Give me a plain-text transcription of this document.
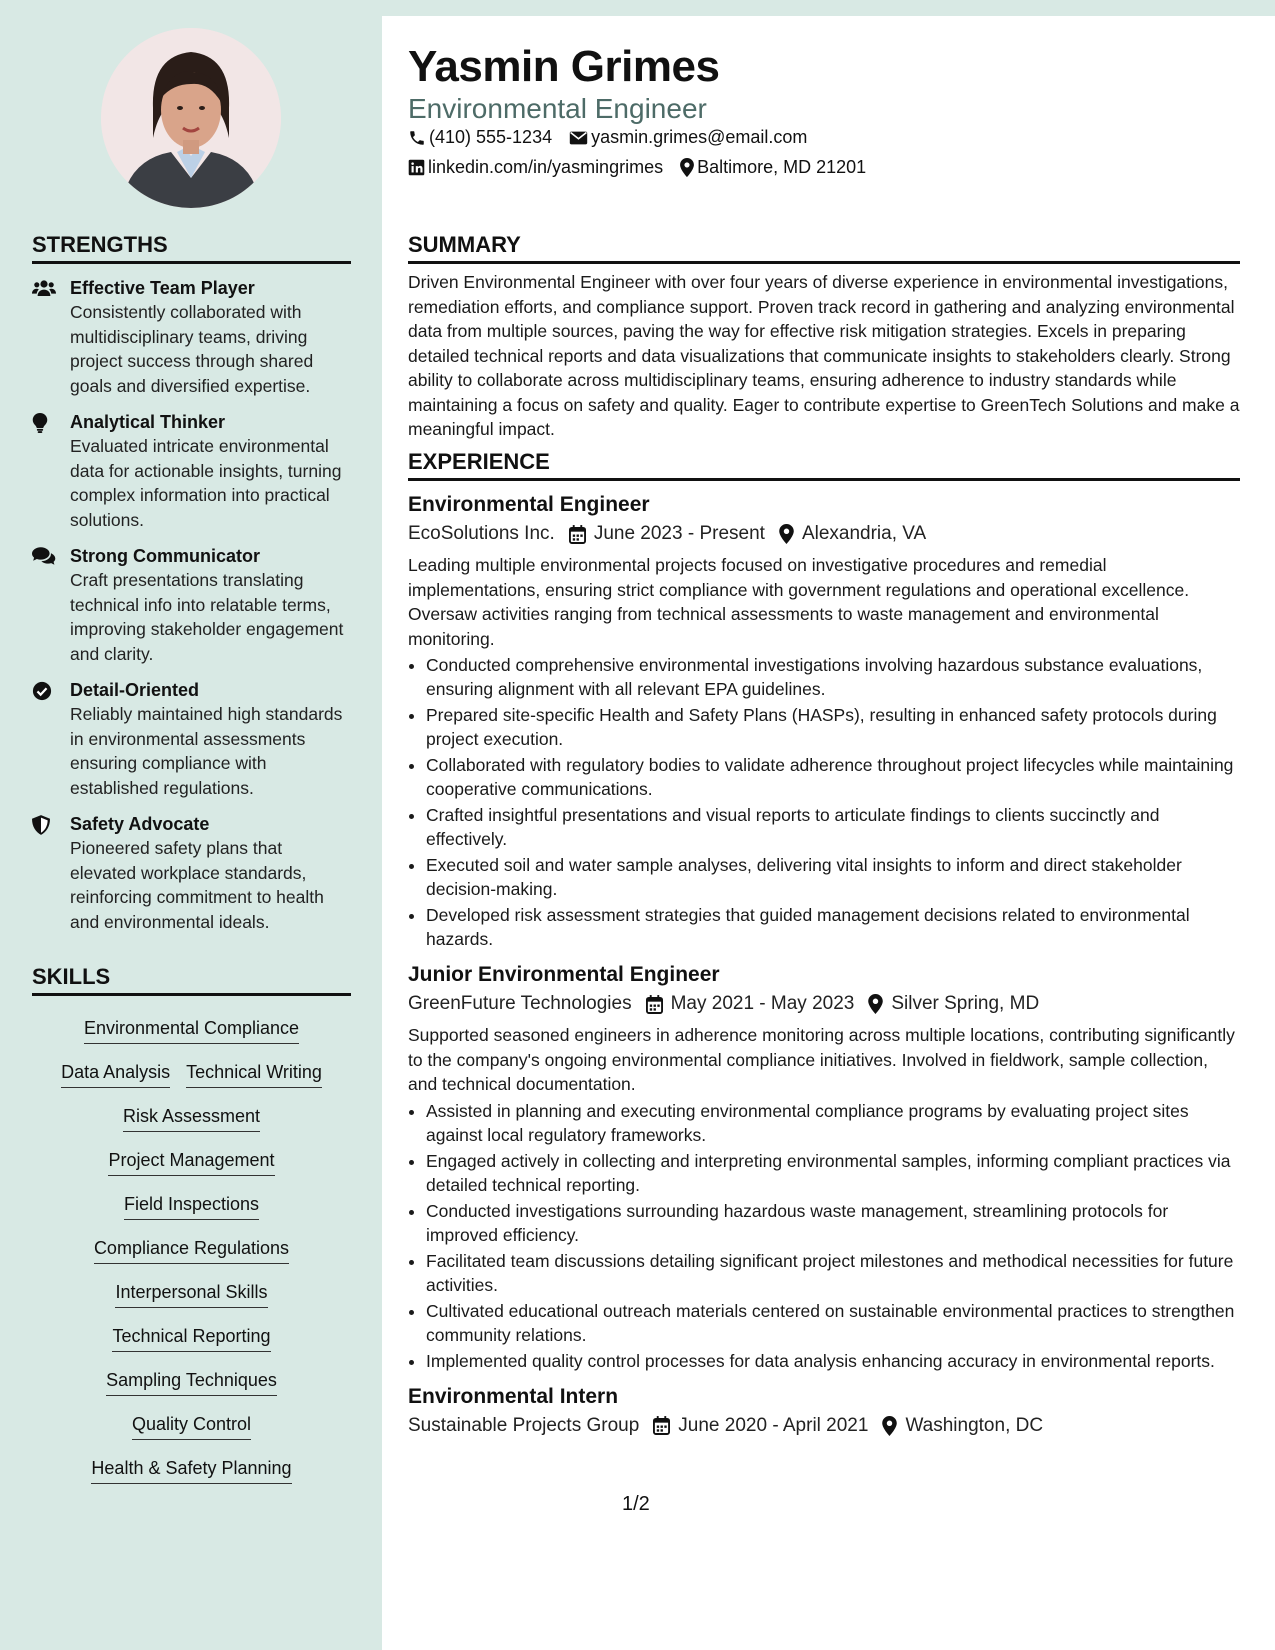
STRENGTHS
Effective Team Player
Consistently collaborated with multidisciplinary teams, driving project success through shared goals and diversified expertise.
Analytical Thinker
Evaluated intricate environmental data for actionable insights, turning complex information into practical solutions.
Strong Communicator
Craft presentations translating technical info into relatable terms, improving stakeholder engagement and clarity.
Detail-Oriented
Reliably maintained high standards in environmental assessments ensuring compliance with established regulations.
Safety Advocate
Pioneered safety plans that elevated workplace standards, reinforcing commitment to health and environmental ideals.
SKILLS
Environmental Compliance
Data Analysis Technical Writing
Risk Assessment
Project Management
Field Inspections
Compliance Regulations
Interpersonal Skills
Technical Reporting
Sampling Techniques
Quality Control
Health & Safety Planning
Yasmin Grimes
Environmental Engineer
(410) 555-1234 yasmin.grimes@email.com
linkedin.com/in/yasmingrimes Baltimore, MD 21201
SUMMARY
Driven Environmental Engineer with over four years of diverse experience in environmental investigations, remediation efforts, and compliance support. Proven track record in gathering and analyzing environmental data from multiple sources, paving the way for effective risk mitigation strategies. Excels in preparing detailed technical reports and data visualizations that communicate insights to stakeholders clearly. Strong ability to collaborate across multidisciplinary teams, ensuring adherence to industry standards while maintaining a focus on safety and quality. Eager to contribute expertise to GreenTech Solutions and make a meaningful impact.
EXPERIENCE
Environmental Engineer
EcoSolutions Inc. June 2023 - Present Alexandria, VA
Leading multiple environmental projects focused on investigative procedures and remedial implementations, ensuring strict compliance with government regulations and operational excellence. Oversaw activities ranging from technical assessments to waste management and environmental monitoring.
• Conducted comprehensive environmental investigations involving hazardous substance evaluations, ensuring alignment with all relevant EPA guidelines.
• Prepared site-specific Health and Safety Plans (HASPs), resulting in enhanced safety protocols during project execution.
• Collaborated with regulatory bodies to validate adherence throughout project lifecycles while maintaining cooperative communications.
• Crafted insightful presentations and visual reports to articulate findings to clients succinctly and effectively.
• Executed soil and water sample analyses, delivering vital insights to inform and direct stakeholder decision-making.
• Developed risk assessment strategies that guided management decisions related to environmental hazards.
Junior Environmental Engineer
GreenFuture Technologies May 2021 - May 2023 Silver Spring, MD
Supported seasoned engineers in adherence monitoring across multiple locations, contributing significantly to the company's ongoing environmental compliance initiatives. Involved in fieldwork, sample collection, and technical documentation.
• Assisted in planning and executing environmental compliance programs by evaluating project sites against local regulatory frameworks.
• Engaged actively in collecting and interpreting environmental samples, informing compliant practices via detailed technical reporting.
• Conducted investigations surrounding hazardous waste management, streamlining protocols for improved efficiency.
• Facilitated team discussions detailing significant project milestones and methodical necessities for future activities.
• Cultivated educational outreach materials centered on sustainable environmental practices to strengthen community relations.
• Implemented quality control processes for data analysis enhancing accuracy in environmental reports.
Environmental Intern
Sustainable Projects Group June 2020 - April 2021 Washington, DC
1/2
